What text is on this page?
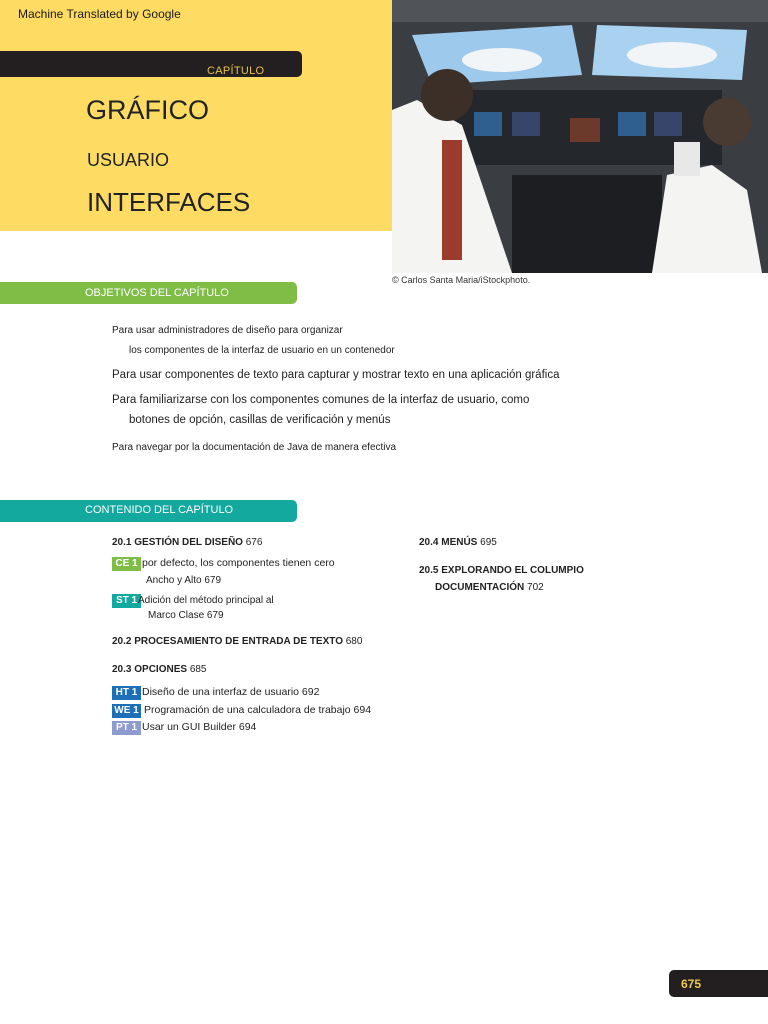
Machine Translated by Google
CAPÍTULO
GRÁFICO
USUARIO
INTERFACES
© Carlos Santa Maria/iStockphoto.
OBJETIVOS DEL CAPÍTULO
Para usar administradores de diseño para organizar
los componentes de la interfaz de usuario en un contenedor
Para usar componentes de texto para capturar y mostrar texto en una aplicación gráfica
Para familiarizarse con los componentes comunes de la interfaz de usuario, como
botones de opción, casillas de verificación y menús
Para navegar por la documentación de Java de manera efectiva
CONTENIDO DEL CAPÍTULO
20.1 GESTIÓN DEL DISEÑO 676
CE 1 por defecto, los componentes tienen cero
Ancho y Alto 679
ST 1 Adición del método principal al
Marco Clase 679
20.2 PROCESAMIENTO DE ENTRADA DE TEXTO 680
20.3 OPCIONES 685
HT 1 Diseño de una interfaz de usuario 692
WE 1 Programación de una calculadora de trabajo 694
PT 1 Usar un GUI Builder 694
20.4 MENÚS 695
20.5 EXPLORANDO EL COLUMPIO
DOCUMENTACIÓN 702
675
